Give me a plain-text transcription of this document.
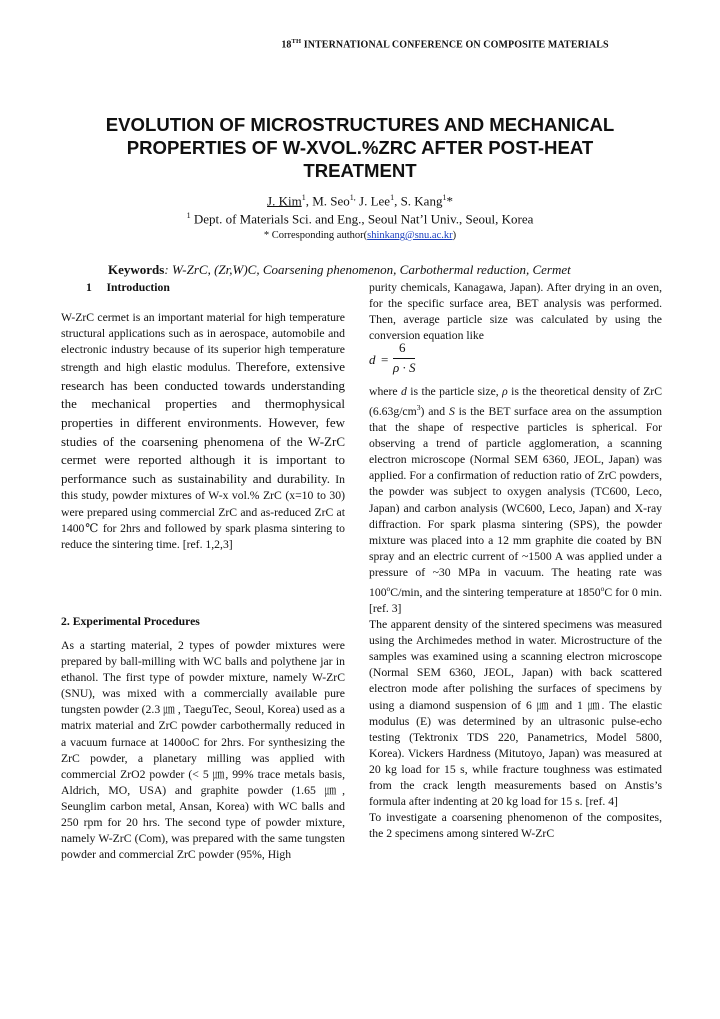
18TH INTERNATIONAL CONFERENCE ON COMPOSITE MATERIALS
EVOLUTION OF MICROSTRUCTURES AND MECHANICAL
PROPERTIES OF W-XVOL.%ZRC AFTER POST-HEAT
TREATMENT
J. Kim$^1$, M. Seo$^{1,}$ J. Lee$^1$, S. Kang$^1$*
$^1$ Dept. of Materials Sci. and Eng., Seoul Nat’l Univ., Seoul, Korea
* Corresponding author(shinkang@snu.ac.kr)
Keywords: W-ZrC, (Zr,W)C, Coarsening phenomenon, Carbothermal reduction, Cermet
1 Introduction
W-ZrC cermet is an important material for high temperature structural applications such as in aerospace, automobile and electronic industry because of its superior high temperature strength and high elastic modulus. Therefore, extensive research has been conducted towards understanding the mechanical properties and thermophysical properties in different environments. However, few studies of the coarsening phenomena of the W-ZrC cermet were reported although it is important to performance such as sustainability and durability. In this study, powder mixtures of W-x vol.% ZrC (x=10 to 30) were prepared using commercial ZrC and as-reduced ZrC at 1400℃ for 2hrs and followed by spark plasma sintering to reduce the sintering time. [ref. 1,2,3]
2. Experimental Procedures

As a starting material, 2 types of powder mixtures were prepared by ball-milling with WC balls and polythene jar in ethanol. The first type of powder mixture, namely W-ZrC (SNU), was mixed with a commercially available pure tungsten powder (2.3 ㎛ , TaeguTec, Seoul, Korea) used as a matrix material and ZrC powder carbothermally reduced in a vacuum furnace at 1400oC for 2hrs. For synthesizing the ZrC powder, a planetary milling was applied with commercial ZrO2 powder (< 5 ㎛, 99% trace metals basis, Aldrich, MO, USA) and graphite powder (1.65 ㎛, Seunglim carbon metal, Ansan, Korea) with WC balls and 250 rpm for 20 hrs. The second type of powder mixture, namely W-ZrC (Com), was prepared with the same tungsten powder and commercial ZrC powder (95%, High

purity chemicals, Kanagawa, Japan). After drying in an oven, for the specific surface area, BET analysis was performed. Then, average particle size was calculated by using the conversion equation like

d =
6
ρ · S

where d is the particle size, ρ is the theoretical density of ZrC $(6.63g/cm^3)$ and S is the BET surface area on the assumption that the shape of respective particles is spherical. For observing a trend of particle agglomeration, a scanning electron microscope (Normal SEM 6360, JEOL, Japan) was applied. For a confirmation of reduction ratio of ZrC powders, the powder was subject to oxygen analysis (TC600, Leco, Japan) and carbon analysis (WC600, Leco, Japan) and X-ray diffraction. For spark plasma sintering (SPS), the powder mixture was placed into a 12 mm graphite die coated by BN spray and an electric current of ~1500 A was applied under a pressure of ~30 MPa in vacuum. The heating rate was 100$^o$C/min, and the sintering temperature at 1850$^o$C for 0 min. [ref. 3]

The apparent density of the sintered specimens was measured using the Archimedes method in water. Microstructure of the samples was examined using a scanning electron microscope (Normal SEM 6360, JEOL, Japan) with back scattered electron mode after polishing the surfaces of specimens by using a diamond suspension of 6 ㎛ and 1 ㎛. The elastic modulus (E) was determined by an ultrasonic pulse-echo testing (Tektronix TDS 220, Panametrics, Model 5800, Korea). Vickers Hardness (Mitutoyo, Japan) was measured at 20 kg load for 15 s, while fracture toughness was estimated from the crack length measurements based on Anstis’s formula after indenting at 20 kg load for 15 s. [ref. 4]

To investigate a coarsening phenomenon of the composites, the 2 specimens among sintered W-ZrC
